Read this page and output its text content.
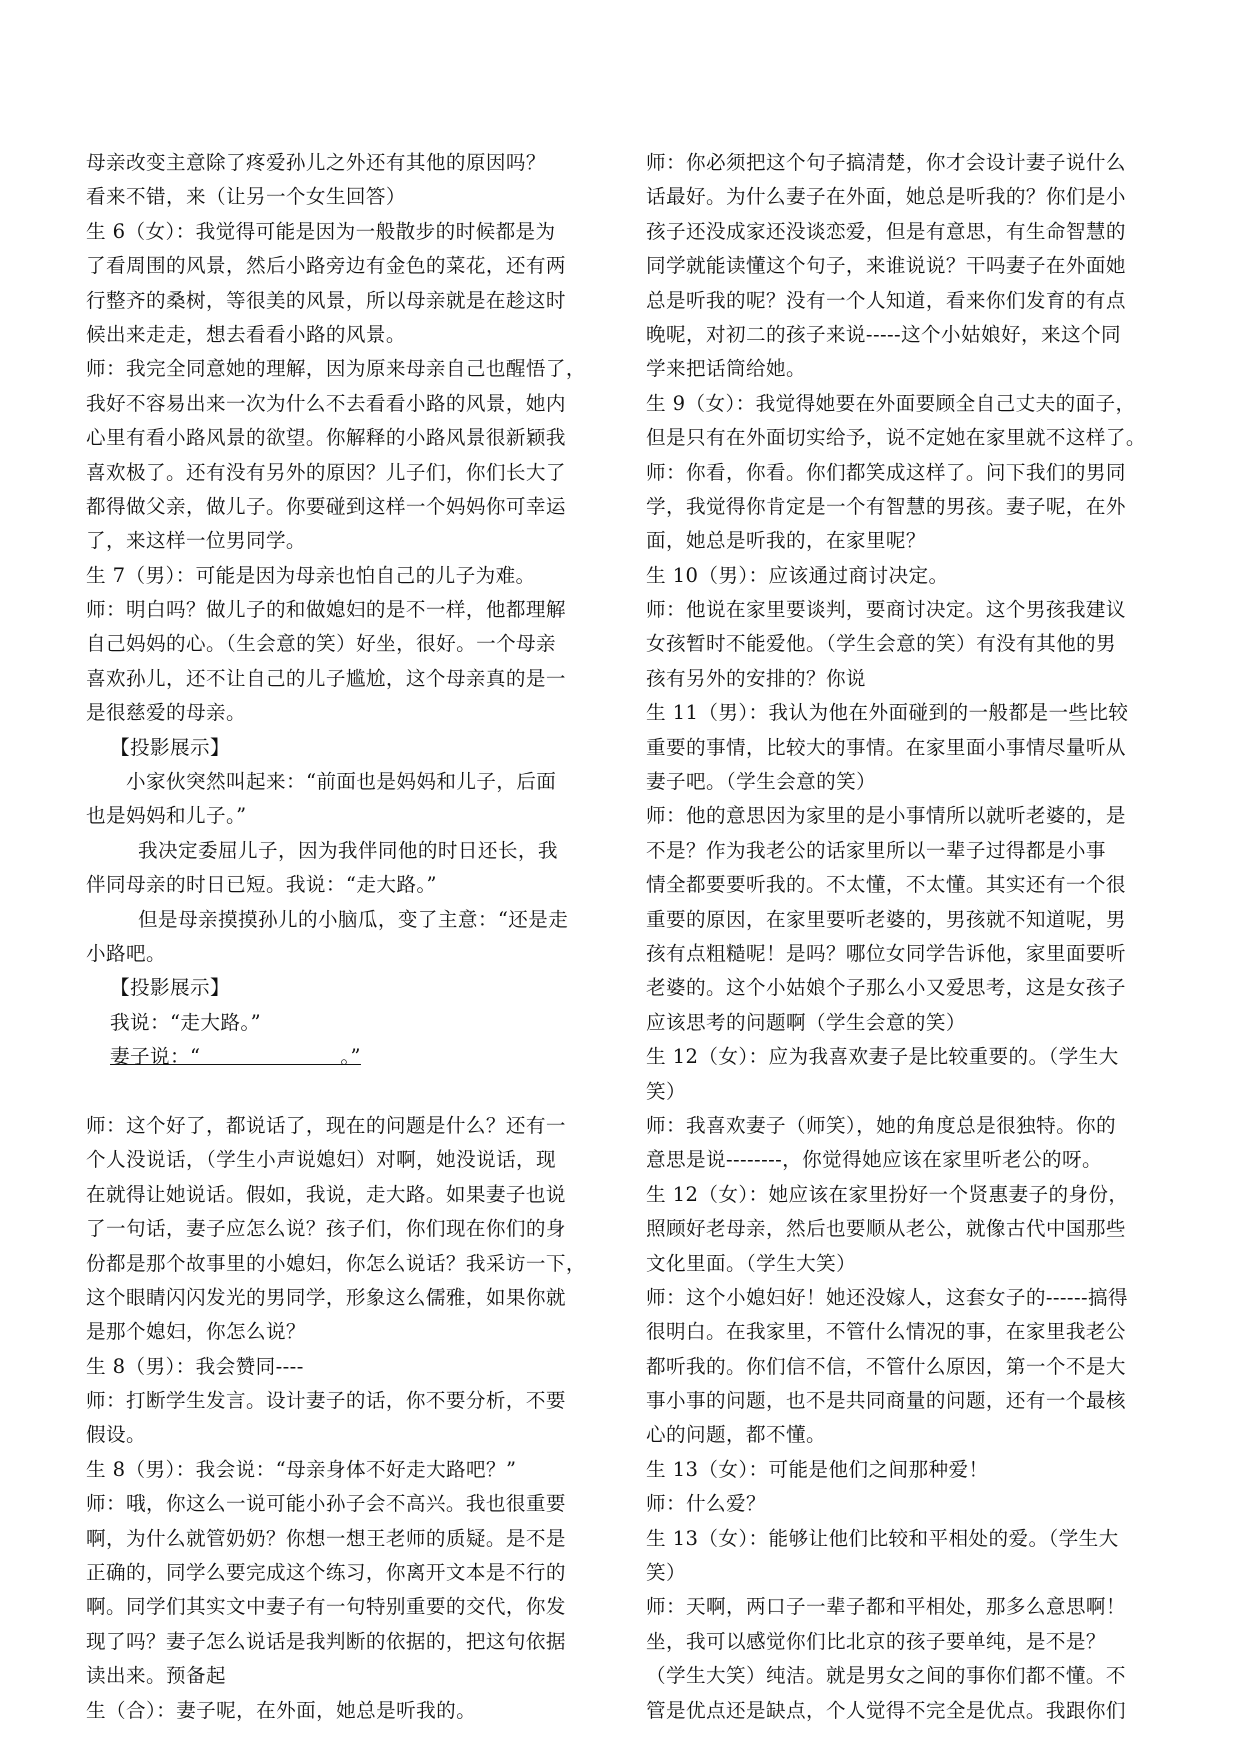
母亲改变主意除了疼爱孙儿之外还有其他的原因吗？
看来不错，来（让另一个女生回答）
生 6（女）：我觉得可能是因为一般散步的时候都是为
了看周围的风景，然后小路旁边有金色的菜花，还有两
行整齐的桑树，等很美的风景，所以母亲就是在趁这时
候出来走走，想去看看小路的风景。
师：我完全同意她的理解，因为原来母亲自己也醒悟了，
我好不容易出来一次为什么不去看看小路的风景，她内
心里有看小路风景的欲望。你解释的小路风景很新颖我
喜欢极了。还有没有另外的原因？儿子们，你们长大了
都得做父亲，做儿子。你要碰到这样一个妈妈你可幸运
了，来这样一位男同学。
生 7（男）：可能是因为母亲也怕自己的儿子为难。
师：明白吗？做儿子的和做媳妇的是不一样，他都理解
自己妈妈的心。（生会意的笑）好坐，很好。一个母亲
喜欢孙儿，还不让自己的儿子尴尬，这个母亲真的是一
是很慈爱的母亲。
【投影展示】
小家伙突然叫起来：“前面也是妈妈和儿子，后面
也是妈妈和儿子。”
我决定委屈儿子，因为我伴同他的时日还长，我
伴同母亲的时日已短。我说：“走大路。”
但是母亲摸摸孙儿的小脑瓜，变了主意：“还是走
小路吧。
【投影展示】
我说：“走大路。”
妻子说：“　　　　　　　。”
师：这个好了，都说话了，现在的问题是什么？还有一
个人没说话，（学生小声说媳妇）对啊，她没说话，现
在就得让她说话。假如，我说，走大路。如果妻子也说
了一句话，妻子应怎么说？孩子们，你们现在你们的身
份都是那个故事里的小媳妇，你怎么说话？我采访一下，
这个眼睛闪闪发光的男同学，形象这么儒雅，如果你就
是那个媳妇，你怎么说？
生 8（男）：我会赞同----
师：打断学生发言。设计妻子的话，你不要分析，不要
假设。
生 8（男）：我会说：“母亲身体不好走大路吧？”
师：哦，你这么一说可能小孙子会不高兴。我也很重要
啊，为什么就管奶奶？你想一想王老师的质疑。是不是
正确的，同学么要完成这个练习，你离开文本是不行的
啊。同学们其实文中妻子有一句特别重要的交代，你发
现了吗？妻子怎么说话是我判断的依据的，把这句依据
读出来。预备起
生（合）：妻子呢，在外面，她总是听我的。
师：你必须把这个句子搞清楚，你才会设计妻子说什么
话最好。为什么妻子在外面，她总是听我的？你们是小
孩子还没成家还没谈恋爱，但是有意思，有生命智慧的
同学就能读懂这个句子，来谁说说？干吗妻子在外面她
总是听我的呢？没有一个人知道，看来你们发育的有点
晚呢，对初二的孩子来说-----这个小姑娘好，来这个同
学来把话筒给她。
生 9（女）：我觉得她要在外面要顾全自己丈夫的面子，
但是只有在外面切实给予，说不定她在家里就不这样了。
师：你看，你看。你们都笑成这样了。问下我们的男同
学，我觉得你肯定是一个有智慧的男孩。妻子呢，在外
面，她总是听我的，在家里呢？
生 10（男）：应该通过商讨决定。
师：他说在家里要谈判，要商讨决定。这个男孩我建议
女孩暂时不能爱他。（学生会意的笑）有没有其他的男
孩有另外的安排的？你说
生 11（男）：我认为他在外面碰到的一般都是一些比较
重要的事情，比较大的事情。在家里面小事情尽量听从
妻子吧。（学生会意的笑）
师：他的意思因为家里的是小事情所以就听老婆的，是
不是？作为我老公的话家里所以一辈子过得都是小事
情全都要要听我的。不太懂，不太懂。其实还有一个很
重要的原因，在家里要听老婆的，男孩就不知道呢，男
孩有点粗糙呢！是吗？哪位女同学告诉他，家里面要听
老婆的。这个小姑娘个子那么小又爱思考，这是女孩子
应该思考的问题啊（学生会意的笑）
生 12（女）：应为我喜欢妻子是比较重要的。（学生大
笑）
师：我喜欢妻子（师笑），她的角度总是很独特。你的
意思是说--------，你觉得她应该在家里听老公的呀。
生 12（女）：她应该在家里扮好一个贤惠妻子的身份，
照顾好老母亲，然后也要顺从老公，就像古代中国那些
文化里面。（学生大笑）
师：这个小媳妇好！她还没嫁人，这套女子的------搞得
很明白。在我家里，不管什么情况的事，在家里我老公
都听我的。你们信不信，不管什么原因，第一个不是大
事小事的问题，也不是共同商量的问题，还有一个最核
心的问题，都不懂。
生 13（女）：可能是他们之间那种爱！
师：什么爱？
生 13（女）：能够让他们比较和平相处的爱。（学生大
笑）
师：天啊，两口子一辈子都和平相处，那多么意思啊！
坐，我可以感觉你们比北京的孩子要单纯，是不是？
（学生大笑）纯洁。就是男女之间的事你们都不懂。不
管是优点还是缺点，个人觉得不完全是优点。我跟你们
